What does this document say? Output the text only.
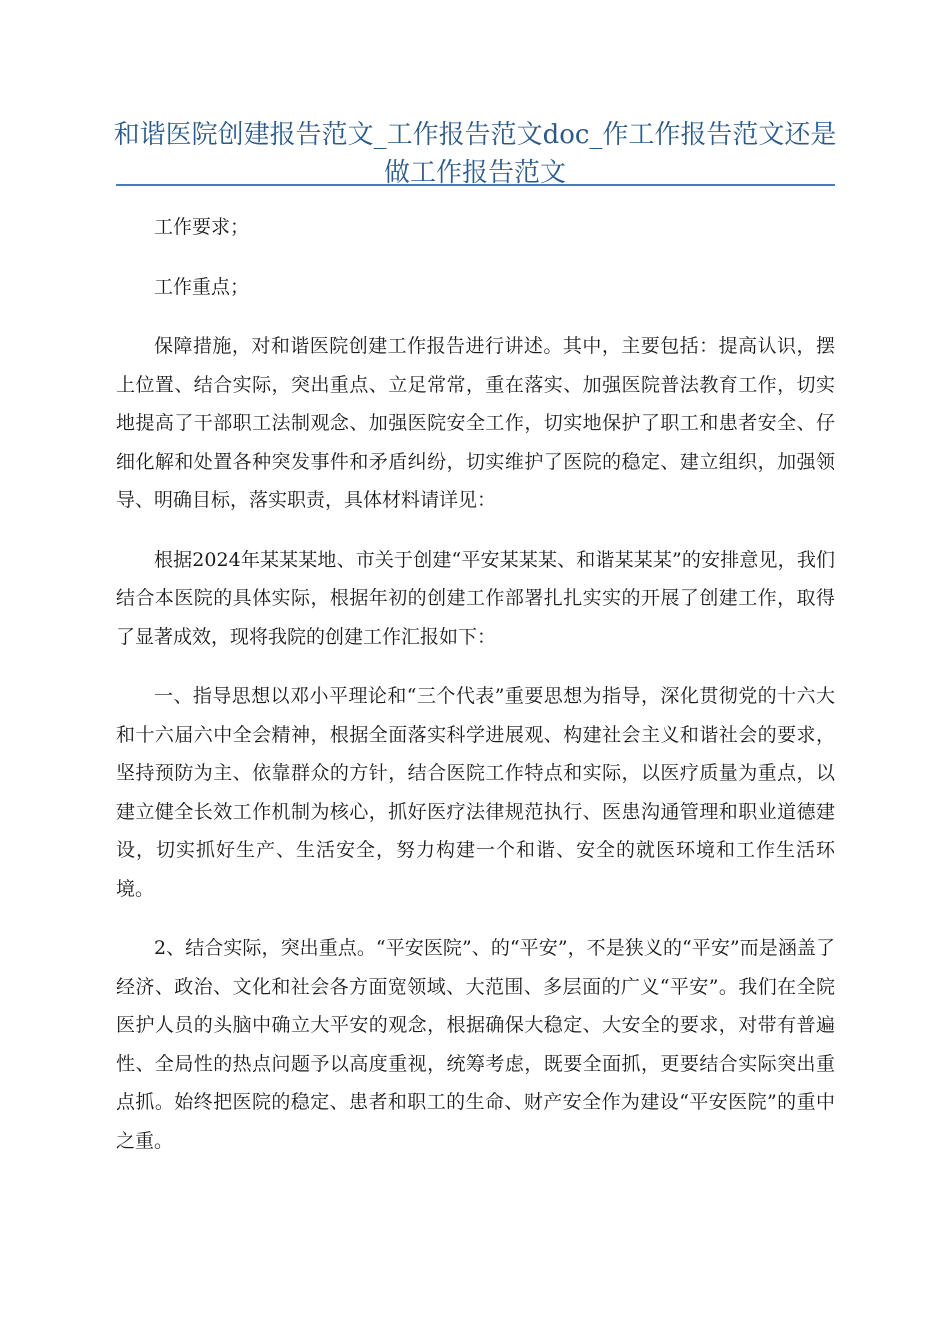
和谐医院创建报告范文_工作报告范文doc_作工作报告范文还是做工作报告范文

工作要求；

工作重点；

保障措施，对和谐医院创建工作报告进行讲述。其中，主要包括：提高认识，摆上位置、结合实际，突出重点、立足常常，重在落实、加强医院普法教育工作，切实地提高了干部职工法制观念、加强医院安全工作，切实地保护了职工和患者安全、仔细化解和处置各种突发事件和矛盾纠纷，切实维护了医院的稳定、建立组织，加强领导、明确目标，落实职责，具体材料请详见：

根据2024年某某某地、市关于创建“平安某某某、和谐某某某”的安排意见，我们结合本医院的具体实际，根据年初的创建工作部署扎扎实实的开展了创建工作，取得了显著成效，现将我院的创建工作汇报如下：

一、指导思想以邓小平理论和“三个代表”重要思想为指导，深化贯彻党的十六大和十六届六中全会精神，根据全面落实科学进展观、构建社会主义和谐社会的要求，坚持预防为主、依靠群众的方针，结合医院工作特点和实际，以医疗质量为重点，以建立健全长效工作机制为核心，抓好医疗法律规范执行、医患沟通管理和职业道德建设，切实抓好生产、生活安全，努力构建一个和谐、安全的就医环境和工作生活环境。

2、结合实际，突出重点。“平安医院”、的“平安”，不是狭义的“平安”而是涵盖了经济、政治、文化和社会各方面宽领域、大范围、多层面的广义“平安”。我们在全院医护人员的头脑中确立大平安的观念，根据确保大稳定、大安全的要求，对带有普遍性、全局性的热点问题予以高度重视，统筹考虑，既要全面抓，更要结合实际突出重点抓。始终把医院的稳定、患者和职工的生命、财产安全作为建设“平安医院”的重中之重。
